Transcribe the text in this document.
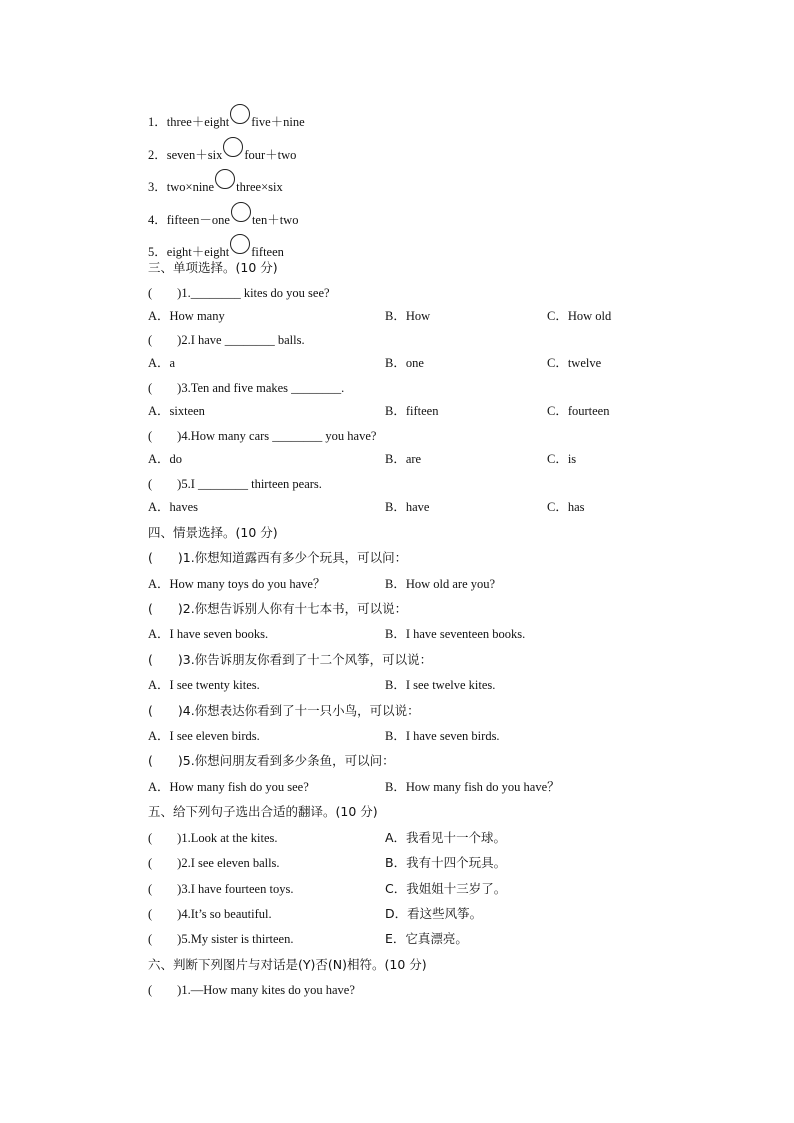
1．three＋eight five＋nine
2．seven＋six four＋two
3．two×nine three×six
4．fifteen－one ten＋two
5．eight＋eight fifteen
三、单项选择。(10 分)
(　　)1.________ kites do you see?
A．How many	B．How	C．How old
(　　)2.I have ________ balls.
A．a	B．one	C．twelve
(　　)3.Ten and five makes ________.
A．sixteen	B．fifteen	C．fourteen
(　　)4.How many cars ________ you have?
A．do	B．are	C．is
(　　)5.I ________ thirteen pears.
A．haves	B．have	C．has
四、情景选择。(10 分)
(　　)1.你想知道露西有多少个玩具，可以问：
A．How many toys do you have？	B．How old are you?
(　　)2.你想告诉别人你有十七本书，可以说：
A．I have seven books.	B．I have seventeen books.
(　　)3.你告诉朋友你看到了十二个风筝，可以说：
A．I see twenty kites.	B．I see twelve kites.
(　　)4.你想表达你看到了十一只小鸟，可以说：
A．I see eleven birds.	B．I have seven birds.
(　　)5.你想问朋友看到多少条鱼，可以问：
A．How many fish do you see?	B．How many fish do you have？
五、给下列句子选出合适的翻译。(10 分)
(　　)1.Look at the kites.	A．我看见十一个球。
(　　)2.I see eleven balls.	B．我有十四个玩具。
(　　)3.I have fourteen toys.	C．我姐姐十三岁了。
(　　)4.It’s so beautiful.	D．看这些风筝。
(　　)5.My sister is thirteen.	E．它真漂亮。
六、判断下列图片与对话是(Y)否(N)相符。(10 分)
(　　)1.—How many kites do you have?
